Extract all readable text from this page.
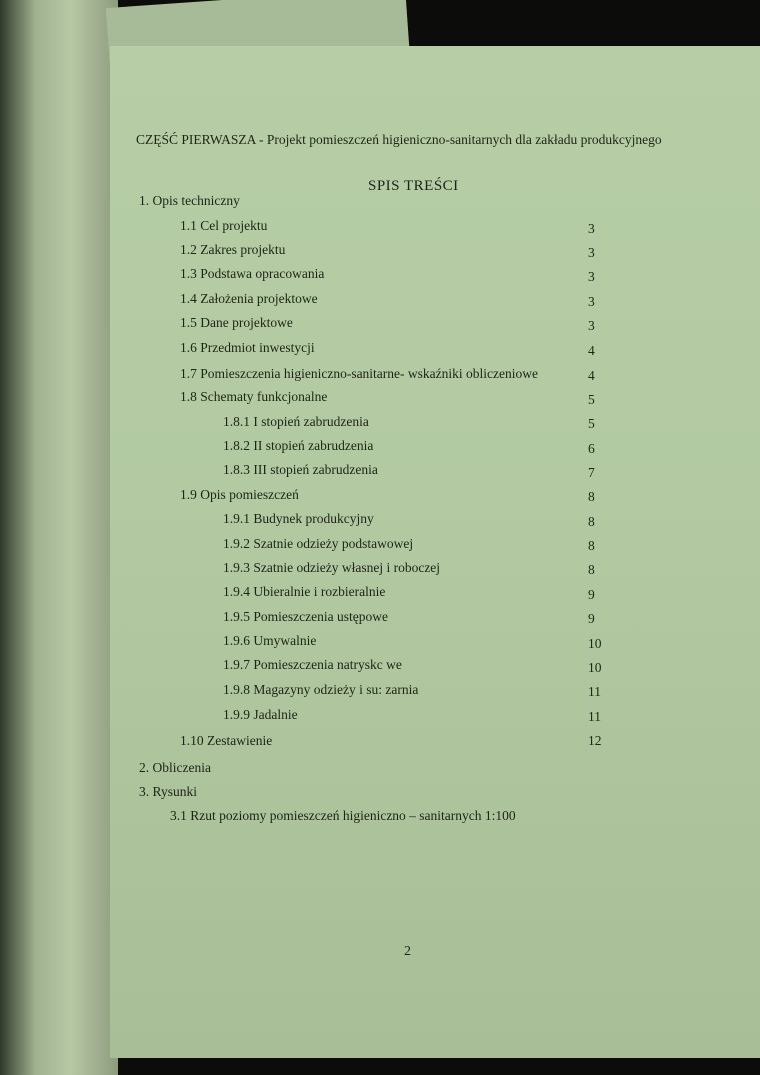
CZĘŚĆ PIERWASZA - Projekt pomieszczeń higieniczno-sanitarnych dla zakładu produkcyjnego
SPIS TREŚCI
1. Opis techniczny
1.1 Cel projektu	3
1.2 Zakres projektu	3
1.3 Podstawa opracowania	3
1.4 Założenia projektowe	3
1.5 Dane projektowe	3
1.6 Przedmiot inwestycji	4
1.7 Pomieszczenia higieniczno-sanitarne- wskaźniki obliczeniowe	4
1.8 Schematy funkcjonalne	5
1.8.1 I stopień zabrudzenia	5
1.8.2 II stopień zabrudzenia	6
1.8.3 III stopień zabrudzenia	7
1.9 Opis pomieszczeń	8
1.9.1 Budynek produkcyjny	8
1.9.2 Szatnie odzieży podstawowej	8
1.9.3 Szatnie odzieży własnej i roboczej	8
1.9.4 Ubieralnie i rozbieralnie	9
1.9.5 Pomieszczenia ustępowe	9
1.9.6 Umywalnie	10
1.9.7 Pomieszczenia natryskc we	10
1.9.8 Magazyny odzieży i su: zarnia	11
1.9.9 Jadalnie	11
1.10 Zestawienie	12
2. Obliczenia
3. Rysunki
3.1 Rzut poziomy pomieszczeń higieniczno – sanitarnych 1:100
2
